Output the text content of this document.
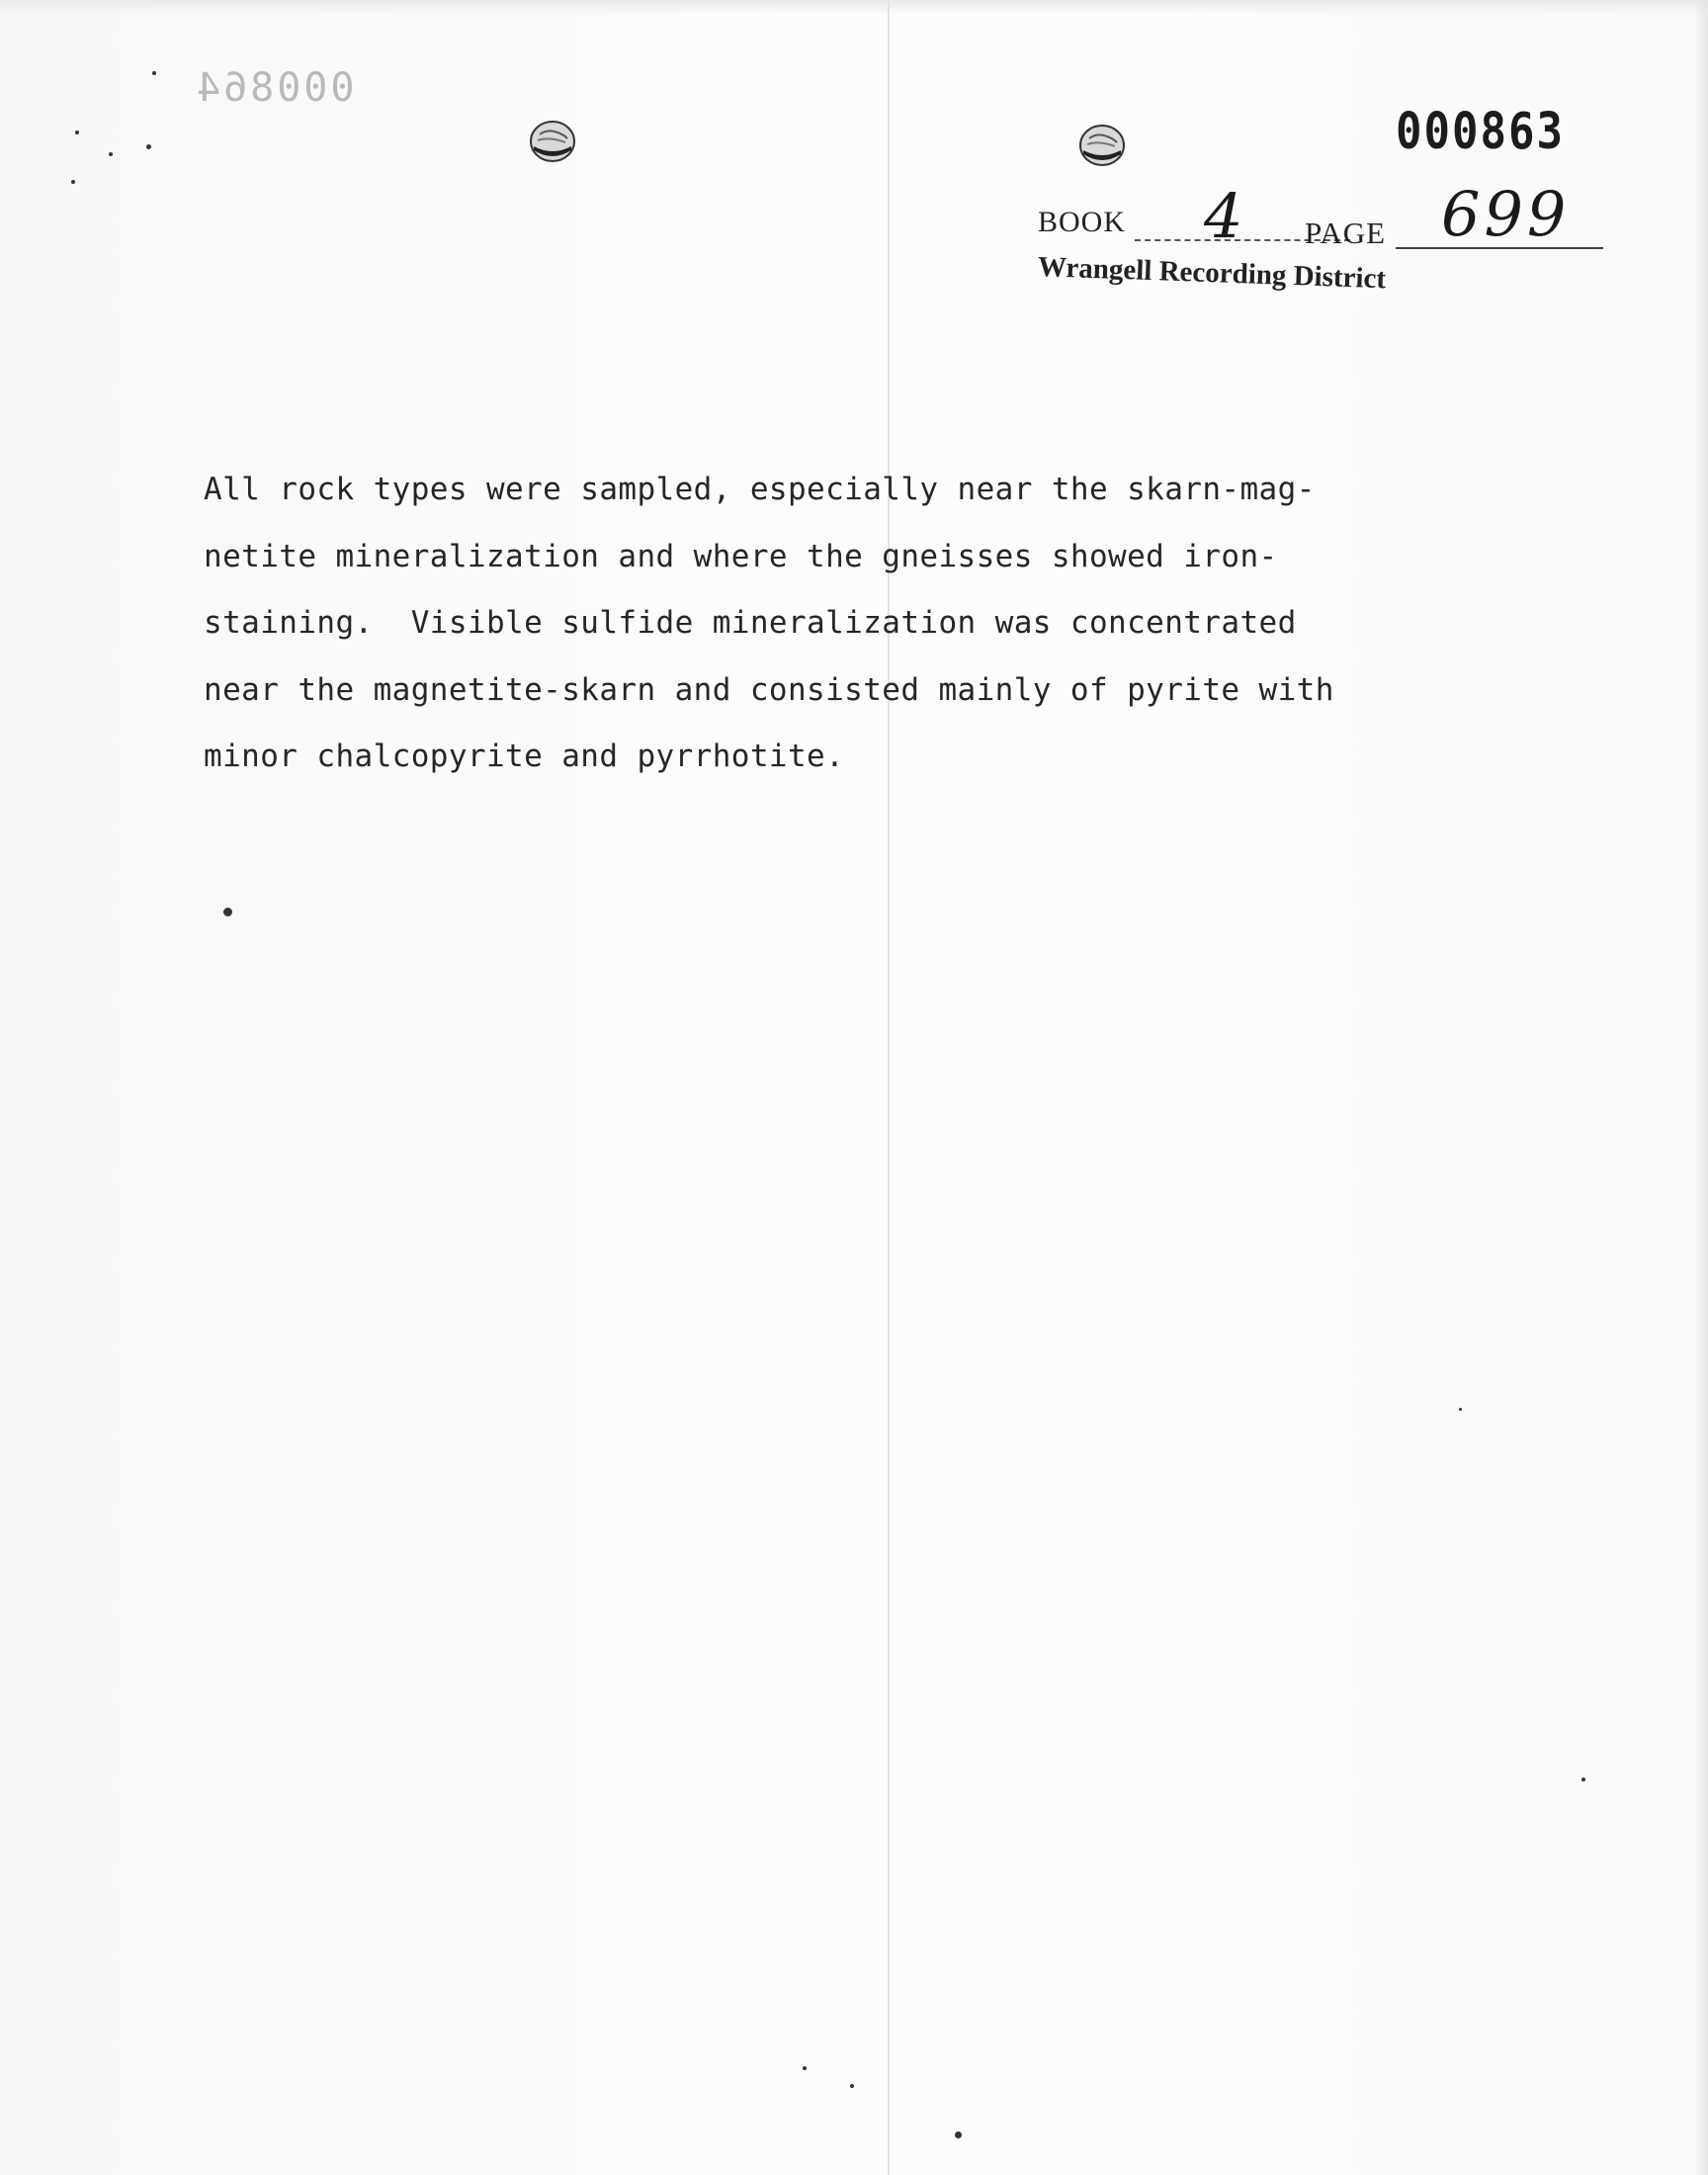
000864
000863
BOOK 4 PAGE 699
Wrangell Recording District
All rock types were sampled, especially near the skarn-mag-
netite mineralization and where the gneisses showed iron-
staining.  Visible sulfide mineralization was concentrated
near the magnetite-skarn and consisted mainly of pyrite with
minor chalcopyrite and pyrrhotite.
